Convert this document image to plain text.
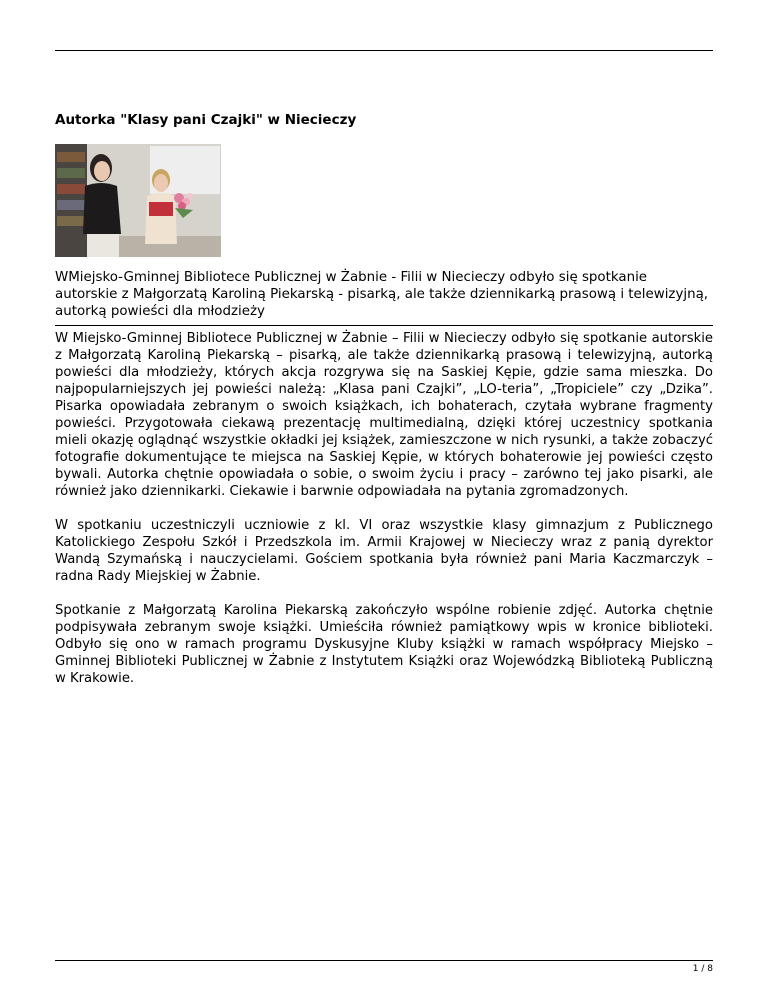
Autorka "Klasy pani Czajki" w Niecieczy
WMiejsko-Gminnej Bibliotece Publicznej w Żabnie - Filii w Niecieczy odbyło się spotkanie autorskie z Małgorzatą Karoliną Piekarską - pisarką, ale także dziennikarką prasową i telewizyjną, autorką powieści dla młodzieży

W Miejsko-Gminnej Bibliotece Publicznej w Żabnie – Filii w Niecieczy odbyło się spotkanie autorskie z Małgorzatą Karoliną Piekarską – pisarką, ale także dziennikarką prasową i telewizyjną, autorką powieści dla młodzieży, których akcja rozgrywa się na Saskiej Kępie, gdzie sama mieszka. Do najpopularniejszych jej powieści należą: „Klasa pani Czajki”, „LO-teria”, „Tropiciele” czy „Dzika”. Pisarka opowiadała zebranym o swoich książkach, ich bohaterach, czytała wybrane fragmenty powieści. Przygotowała ciekawą prezentację multimedialną, dzięki której uczestnicy spotkania mieli okazję oglądnąć wszystkie okładki jej książek, zamieszczone w nich rysunki, a także zobaczyć fotografie dokumentujące te miejsca na Saskiej Kępie, w których bohaterowie jej powieści często bywali. Autorka chętnie opowiadała o sobie, o swoim życiu i pracy – zarówno tej jako pisarki, ale również jako dziennikarki. Ciekawie i barwnie odpowiadała na pytania zgromadzonych.

W spotkaniu uczestniczyli uczniowie z kl. VI oraz wszystkie klasy gimnazjum z Publicznego Katolickiego Zespołu Szkół i Przedszkola im. Armii Krajowej w Niecieczy wraz z panią dyrektor Wandą Szymańską i nauczycielami. Gościem spotkania była również pani Maria Kaczmarczyk – radna Rady Miejskiej w Żabnie.

Spotkanie z Małgorzatą Karolina Piekarską zakończyło wspólne robienie zdjęć. Autorka chętnie podpisywała zebranym swoje książki. Umieściła również pamiątkowy wpis w kronice biblioteki. Odbyło się ono w ramach programu Dyskusyjne Kluby książki w ramach współpracy Miejsko – Gminnej Biblioteki Publicznej w Żabnie z Instytutem Książki oraz Wojewódzką Biblioteką Publiczną w Krakowie.

1 / 8
